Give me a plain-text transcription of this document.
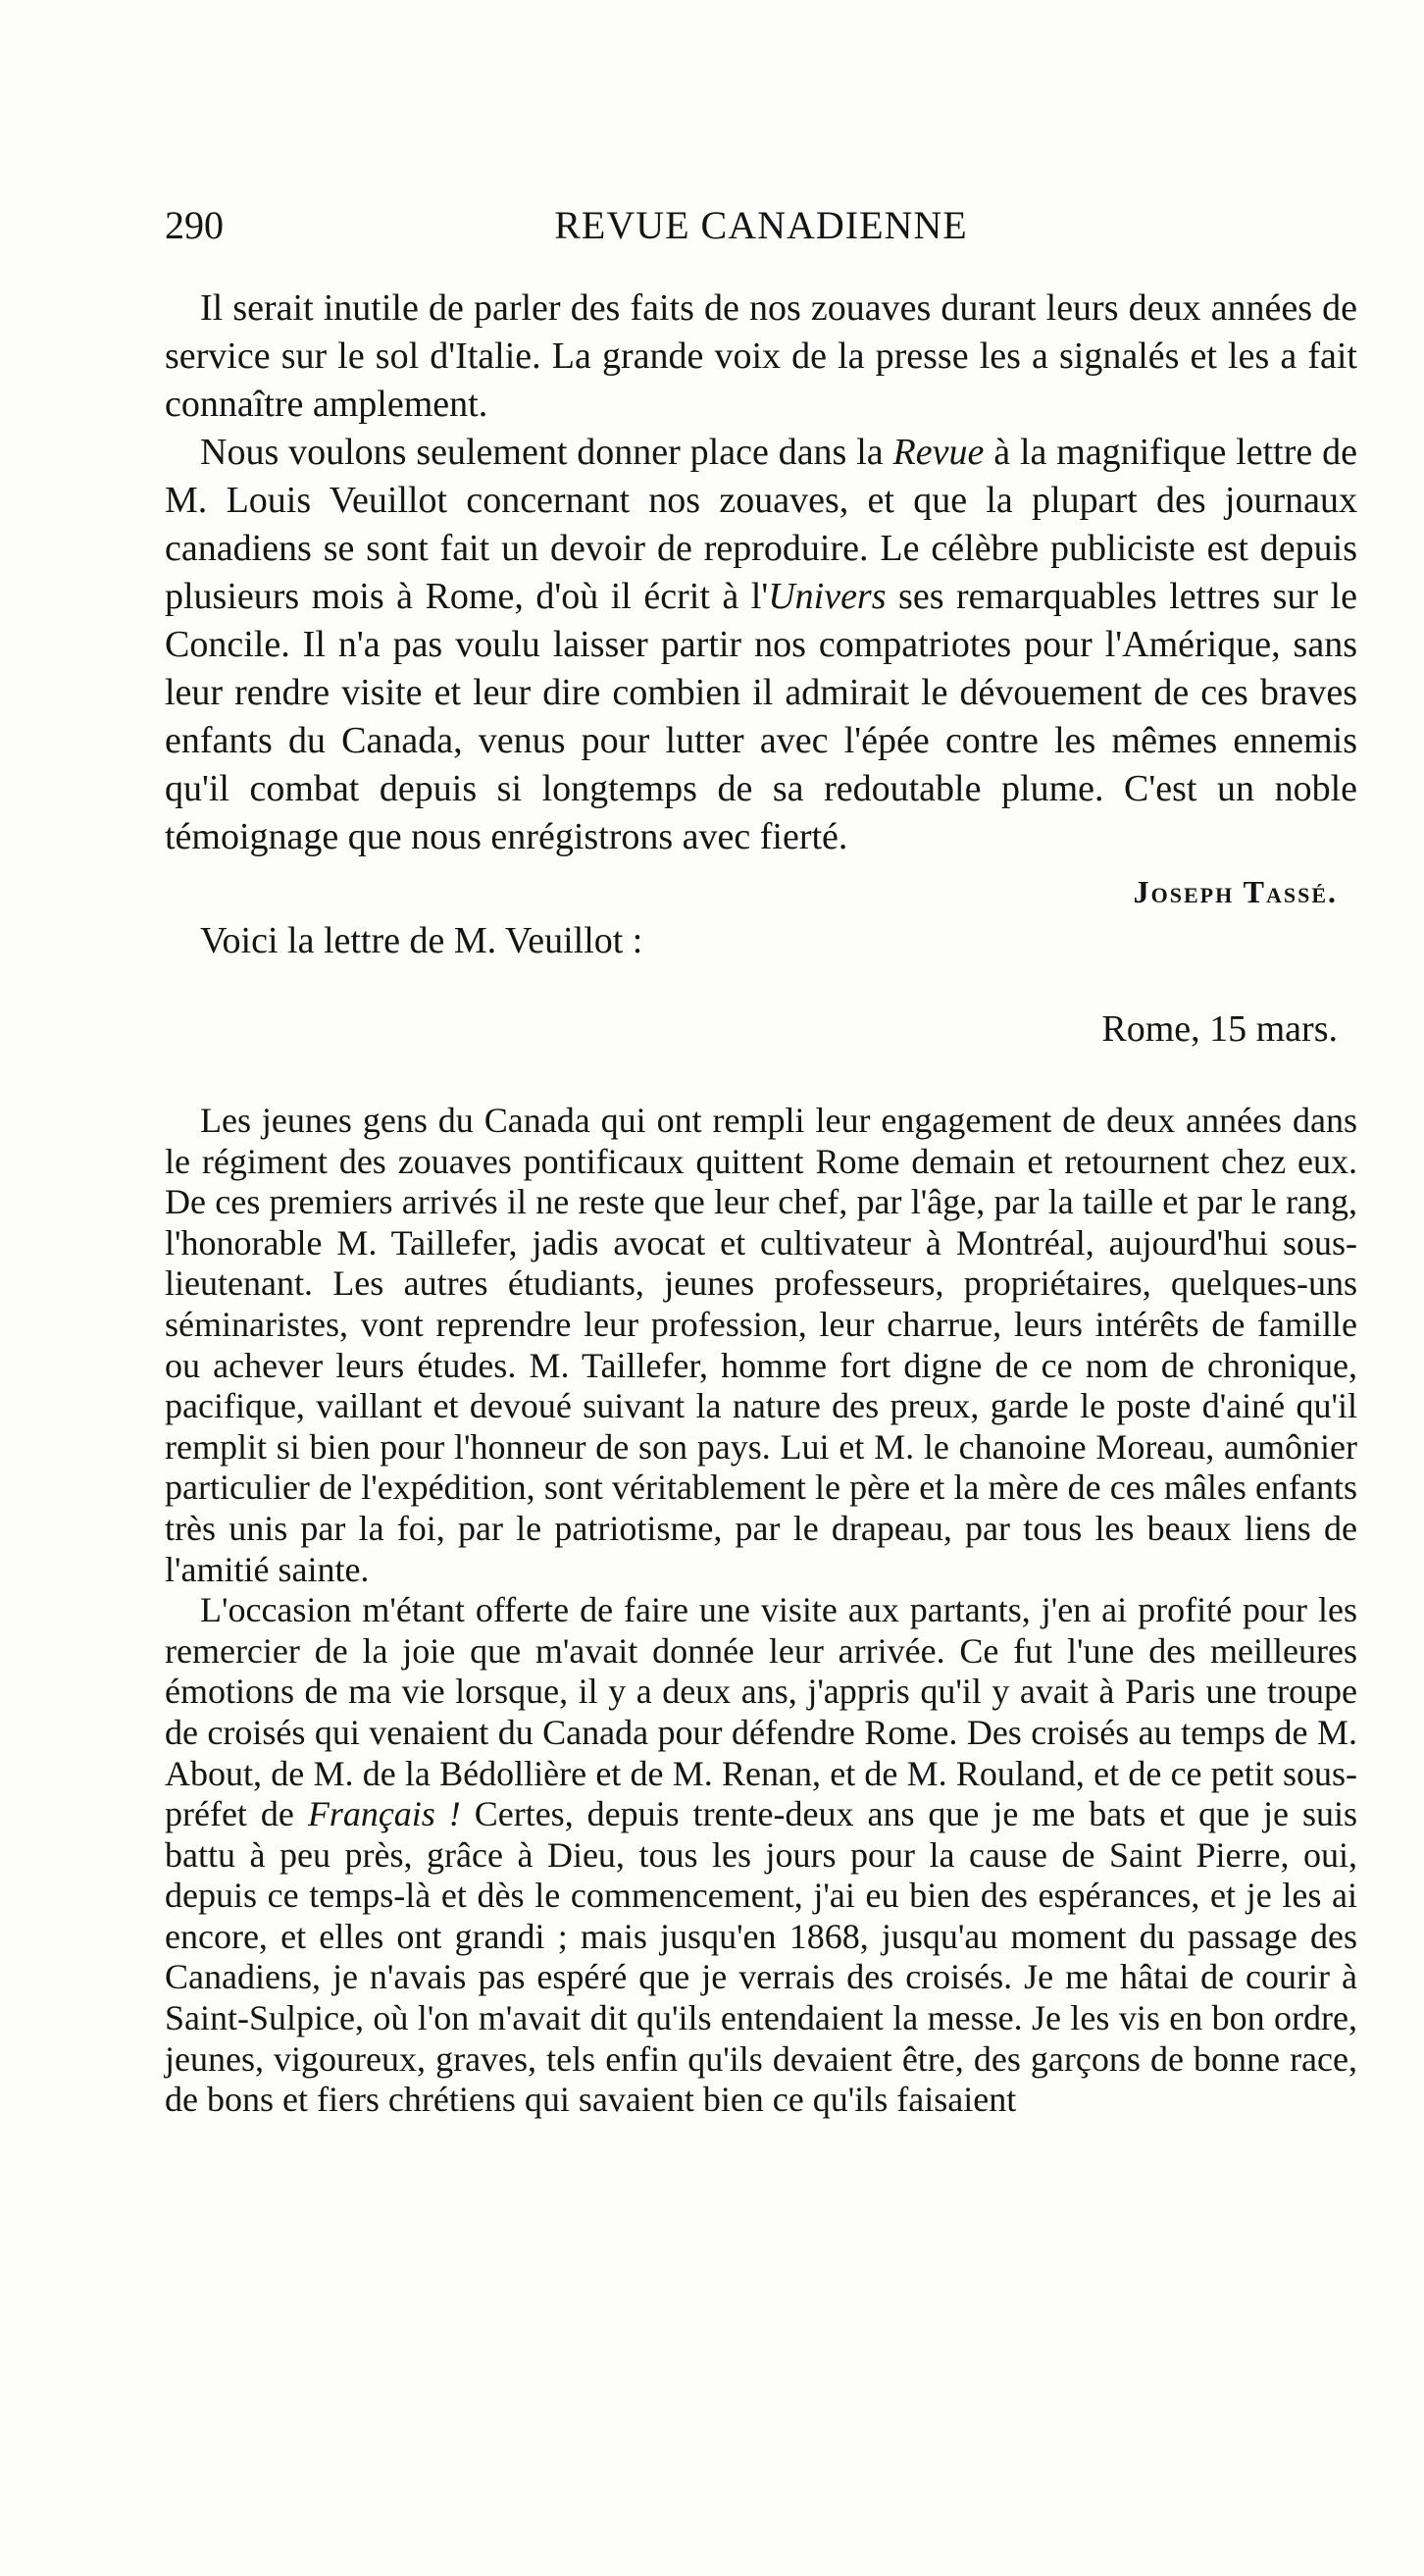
290	REVUE CANADIENNE

Il serait inutile de parler des faits de nos zouaves durant leurs deux années de service sur le sol d'Italie. La grande voix de la presse les a signalés et les a fait connaître amplement.

Nous voulons seulement donner place dans la Revue à la magnifique lettre de M. Louis Veuillot concernant nos zouaves, et que la plupart des journaux canadiens se sont fait un devoir de reproduire. Le célèbre publiciste est depuis plusieurs mois à Rome, d'où il écrit à l'Univers ses remarquables lettres sur le Concile. Il n'a pas voulu laisser partir nos compatriotes pour l'Amérique, sans leur rendre visite et leur dire combien il admirait le dévouement de ces braves enfants du Canada, venus pour lutter avec l'épée contre les mêmes ennemis qu'il combat depuis si longtemps de sa redoutable plume. C'est un noble témoignage que nous enrégistrons avec fierté.

Joseph Tassé.

Voici la lettre de M. Veuillot :

Rome, 15 mars.

Les jeunes gens du Canada qui ont rempli leur engagement de deux années dans le régiment des zouaves pontificaux quittent Rome demain et retournent chez eux. De ces premiers arrivés il ne reste que leur chef, par l'âge, par la taille et par le rang, l'honorable M. Taillefer, jadis avocat et cultivateur à Montréal, aujourd'hui sous-lieutenant. Les autres étudiants, jeunes professeurs, propriétaires, quelques-uns séminaristes, vont reprendre leur profession, leur charrue, leurs intérêts de famille ou achever leurs études. M. Taillefer, homme fort digne de ce nom de chronique, pacifique, vaillant et devoué suivant la nature des preux, garde le poste d'ainé qu'il remplit si bien pour l'honneur de son pays. Lui et M. le chanoine Moreau, aumônier particulier de l'expédition, sont véritablement le père et la mère de ces mâles enfants très unis par la foi, par le patriotisme, par le drapeau, par tous les beaux liens de l'amitié sainte.

L'occasion m'étant offerte de faire une visite aux partants, j'en ai profité pour les remercier de la joie que m'avait donnée leur arrivée. Ce fut l'une des meilleures émotions de ma vie lorsque, il y a deux ans, j'appris qu'il y avait à Paris une troupe de croisés qui venaient du Canada pour défendre Rome. Des croisés au temps de M. About, de M. de la Bédollière et de M. Renan, et de M. Rouland, et de ce petit sous-préfet de Français ! Certes, depuis trente-deux ans que je me bats et que je suis battu à peu près, grâce à Dieu, tous les jours pour la cause de Saint Pierre, oui, depuis ce temps-là et dès le commencement, j'ai eu bien des espérances, et je les ai encore, et elles ont grandi ; mais jusqu'en 1868, jusqu'au moment du passage des Canadiens, je n'avais pas espéré que je verrais des croisés. Je me hâtai de courir à Saint-Sulpice, où l'on m'avait dit qu'ils entendaient la messe. Je les vis en bon ordre, jeunes, vigoureux, graves, tels enfin qu'ils devaient être, des garçons de bonne race, de bons et fiers chrétiens qui savaient bien ce qu'ils faisaient
